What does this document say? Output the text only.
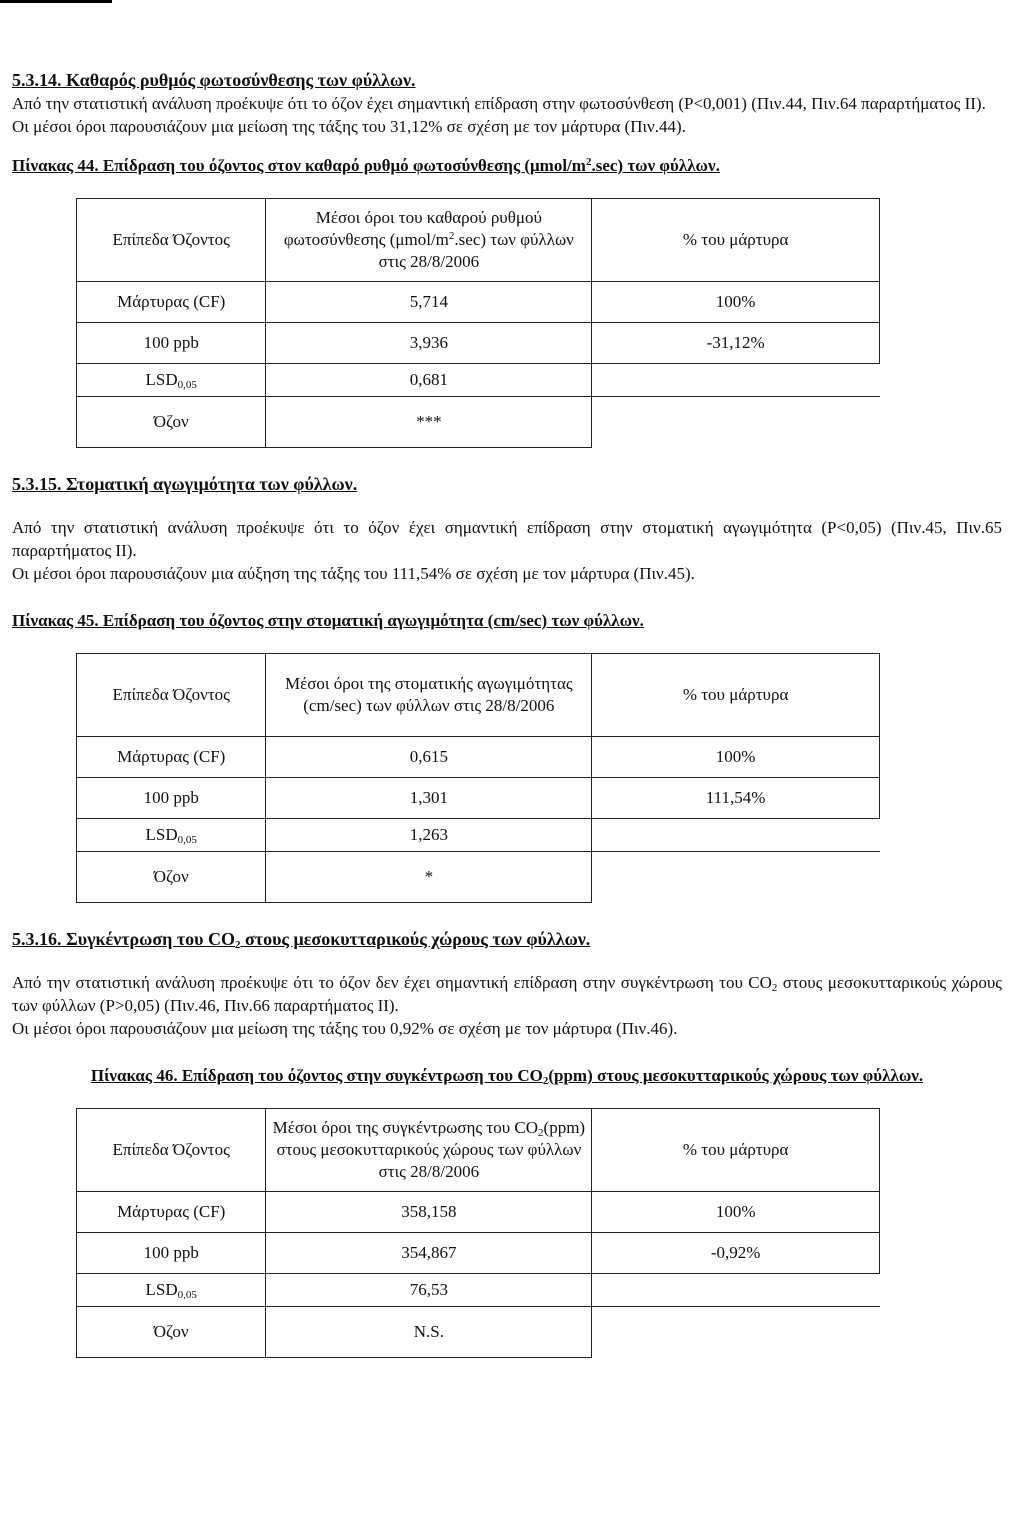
5.3.14. Καθαρός ρυθμός φωτοσύνθεσης των φύλλων.

Από την στατιστική ανάλυση προέκυψε ότι το όζον έχει σημαντική επίδραση στην φωτοσύνθεση (P<0,001) (Πιν.44, Πιν.64 παραρτήματος ΙΙ).

Οι μέσοι όροι παρουσιάζουν μια μείωση της τάξης του 31,12% σε σχέση με τον μάρτυρα (Πιν.44).

Πίνακας 44. Επίδραση του όζοντος στον καθαρό ρυθμό φωτοσύνθεσης $(\mu mol/m^2.\sec)$ των φύλλων.
Επίπεδα Όζοντος	Μέσοι όροι του καθαρού ρυθμού φωτοσύνθεσης $(\mu mol/m^2.\sec)$ των φύλλων στις 28/8/2006	% του μάρτυρα
Μάρτυρας (CF)	5,714	100%
100 ppb	3,936	-31,12%
$LSD_{0,05}$	0,681	
Όζον	***	
5.3.15. Στοματική αγωγιμότητα των φύλλων.

Από την στατιστική ανάλυση προέκυψε ότι το όζον έχει σημαντική επίδραση στην στοματική αγωγιμότητα (P<0,05) (Πιν.45, Πιν.65 παραρτήματος ΙΙ).

Οι μέσοι όροι παρουσιάζουν μια αύξηση της τάξης του 111,54% σε σχέση με τον μάρτυρα (Πιν.45).

Πίνακας 45. Επίδραση του όζοντος στην στοματική αγωγιμότητα (cm/sec) των φύλλων.
Επίπεδα Όζοντος	Μέσοι όροι της στοματικής αγωγιμότητας (cm/sec) των φύλλων στις 28/8/2006	% του μάρτυρα
Μάρτυρας (CF)	0,615	100%
100 ppb	1,301	111,54%
$LSD_{0,05}$	1,263	
Όζον	*	
5.3.16. Συγκέντρωση του $CO_2$ στους μεσοκυτταρικούς χώρους των φύλλων.

Από την στατιστική ανάλυση προέκυψε ότι το όζον δεν έχει σημαντική επίδραση στην συγκέντρωση του $CO_2$ στους μεσοκυτταρικούς χώρους των φύλλων (P>0,05) (Πιν.46, Πιν.66 παραρτήματος ΙΙ).

Οι μέσοι όροι παρουσιάζουν μια μείωση της τάξης του 0,92% σε σχέση με τον μάρτυρα (Πιν.46).

Πίνακας 46. Επίδραση του όζοντος στην συγκέντρωση του $CO_2(ppm)$ στους μεσοκυτταρικούς χώρους των φύλλων.
Επίπεδα Όζοντος	Μέσοι όροι της συγκέντρωσης του $CO_2(ppm)$ στους μεσοκυτταρικούς χώρους των φύλλων στις 28/8/2006	% του μάρτυρα
Μάρτυρας (CF)	358,158	100%
100 ppb	354,867	-0,92%
$LSD_{0,05}$	76,53	
Όζον	N.S.	
